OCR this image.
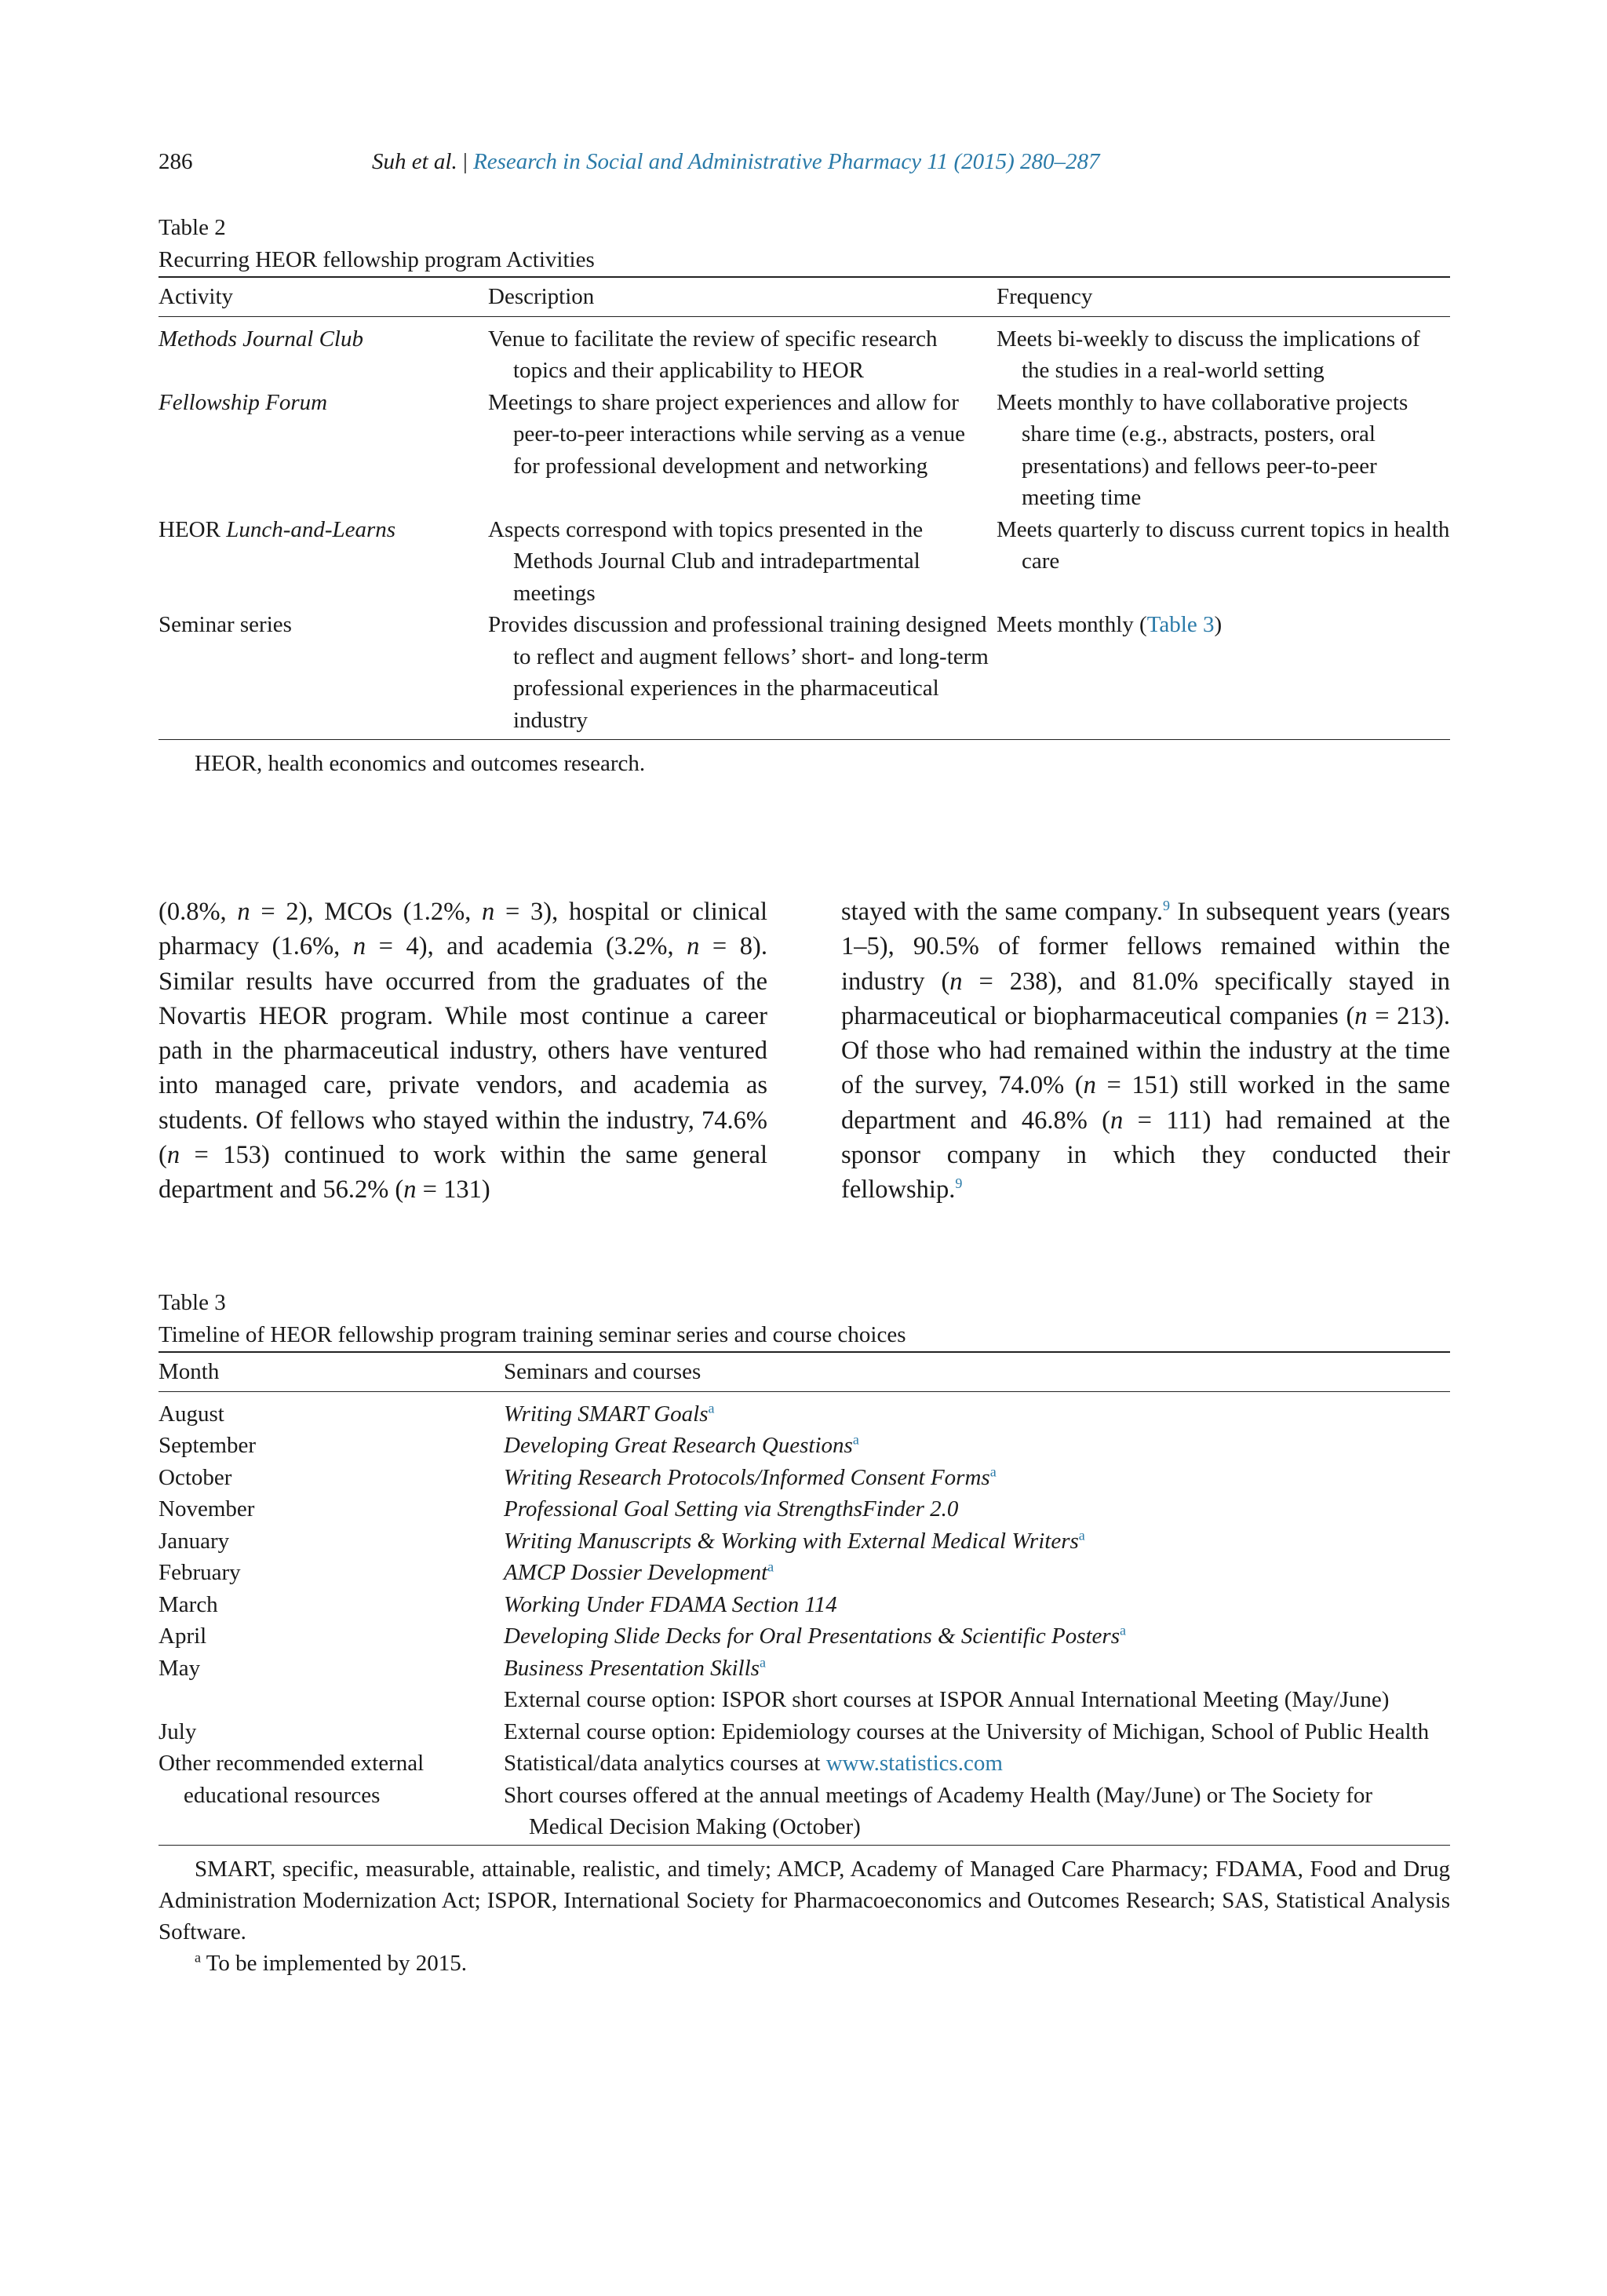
286	Suh et al. | Research in Social and Administrative Pharmacy 11 (2015) 280–287
Table 2
Recurring HEOR fellowship program Activities
Activity	Description	Frequency

Methods Journal Club	Venue to facilitate the review of specific research topics and their applicability to HEOR	Meets bi-weekly to discuss the implications of the studies in a real-world setting
Fellowship Forum	Meetings to share project experiences and allow for peer-to-peer interactions while serving as a venue for professional development and networking	Meets monthly to have collaborative projects share time (e.g., abstracts, posters, oral presentations) and fellows peer-to-peer meeting time
HEOR Lunch-and-Learns	Aspects correspond with topics presented in the Methods Journal Club and intradepartmental meetings	Meets quarterly to discuss current topics in health care
Seminar series	Provides discussion and professional training designed to reflect and augment fellows’ short- and long-term professional experiences in the pharmaceutical industry	Meets monthly (Table 3)
HEOR, health economics and outcomes research.
(0.8%, n = 2), MCOs (1.2%, n = 3), hospital or clinical pharmacy (1.6%, n = 4), and academia (3.2%, n = 8). Similar results have occurred from the graduates of the Novartis HEOR program. While most continue a career path in the pharmaceutical industry, others have ventured into managed care, private vendors, and academia as students. Of fellows who stayed within the industry, 74.6% (n = 153) continued to work within the same general department and 56.2% (n = 131)
stayed with the same company.$^9$ In subsequent years (years 1–5), 90.5% of former fellows remained within the industry (n = 238), and 81.0% specifically stayed in pharmaceutical or biopharmaceutical companies (n = 213). Of those who had remained within the industry at the time of the survey, 74.0% (n = 151) still worked in the same department and 46.8% (n = 111) had remained at the sponsor company in which they conducted their fellowship.$^9$
Table 3
Timeline of HEOR fellowship program training seminar series and course choices
Month	Seminars and courses

August	Writing SMART Goals$^a$
September	Developing Great Research Questions$^a$
October	Writing Research Protocols/Informed Consent Forms$^a$
November	Professional Goal Setting via StrengthsFinder 2.0
January	Writing Manuscripts & Working with External Medical Writers$^a$
February	AMCP Dossier Development$^a$
March	Working Under FDAMA Section 114
April	Developing Slide Decks for Oral Presentations & Scientific Posters$^a$
May	Business Presentation Skills$^a$
	External course option: ISPOR short courses at ISPOR Annual International Meeting (May/June)
July	External course option: Epidemiology courses at the University of Michigan, School of Public Health
Other recommended external educational resources	Statistical/data analytics courses at www.statistics.com
	Short courses offered at the annual meetings of Academy Health (May/June) or The Society for Medical Decision Making (October)
SMART, specific, measurable, attainable, realistic, and timely; AMCP, Academy of Managed Care Pharmacy; FDAMA, Food and Drug Administration Modernization Act; ISPOR, International Society for Pharmacoeconomics and Outcomes Research; SAS, Statistical Analysis Software.
$^a$ To be implemented by 2015.
